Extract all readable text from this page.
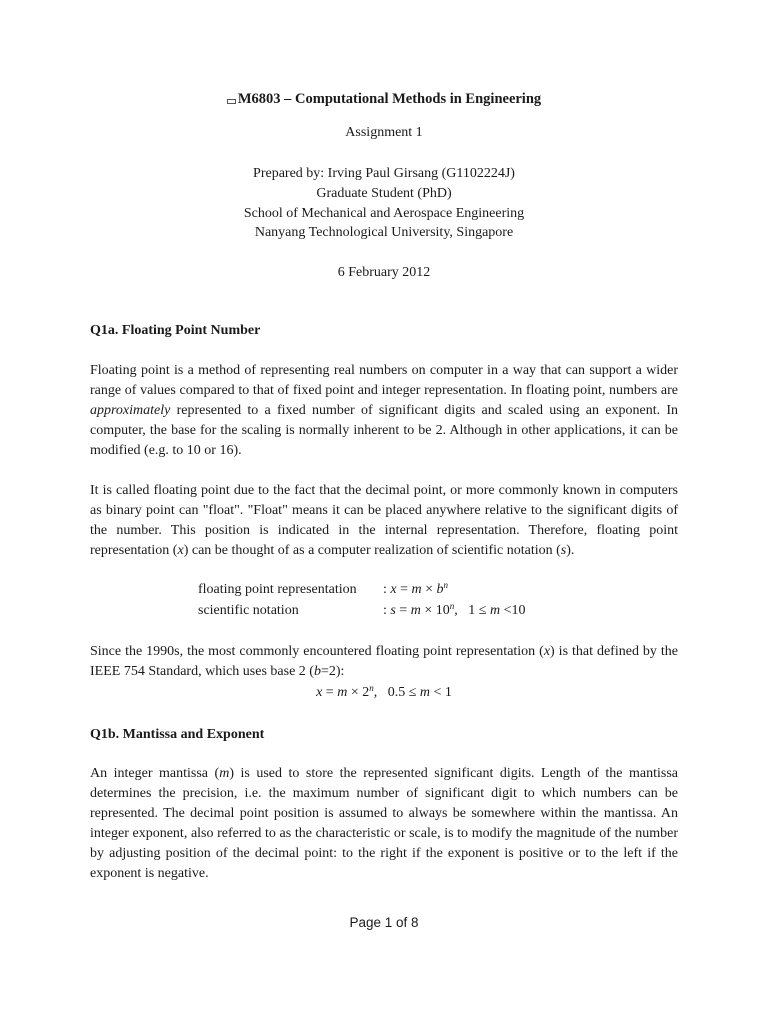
M6803 – Computational Methods in Engineering
Assignment 1
Prepared by: Irving Paul Girsang (G1102224J)
Graduate Student (PhD)
School of Mechanical and Aerospace Engineering
Nanyang Technological University, Singapore
6 February 2012
Q1a. Floating Point Number

Floating point is a method of representing real numbers on computer in a way that can support a wider range of values compared to that of fixed point and integer representation. In floating point, numbers are approximately represented to a fixed number of significant digits and scaled using an exponent. In computer, the base for the scaling is normally inherent to be 2. Although in other applications, it can be modified (e.g. to 10 or 16).

It is called floating point due to the fact that the decimal point, or more commonly known in computers as binary point can "float". "Float" means it can be placed anywhere relative to the significant digits of the number. This position is indicated in the internal representation. Therefore, floating point representation (x) can be thought of as a computer realization of scientific notation (s).

floating point representation : $x = m \times b^n$
scientific notation	: $s = m \times 10^n$,   1 ≤ m <10

Since the 1990s, the most commonly encountered floating point representation (x) is that defined by the IEEE 754 Standard, which uses base 2 (b=2):

$x = m \times 2^n$,   0.5 ≤ m < 1
Q1b. Mantissa and Exponent

An integer mantissa (m) is used to store the represented significant digits. Length of the mantissa determines the precision, i.e. the maximum number of significant digit to which numbers can be represented. The decimal point position is assumed to always be somewhere within the mantissa. An integer exponent, also referred to as the characteristic or scale, is to modify the magnitude of the number by adjusting position of the decimal point: to the right if the exponent is positive or to the left if the exponent is negative.

Page 1 of 8
